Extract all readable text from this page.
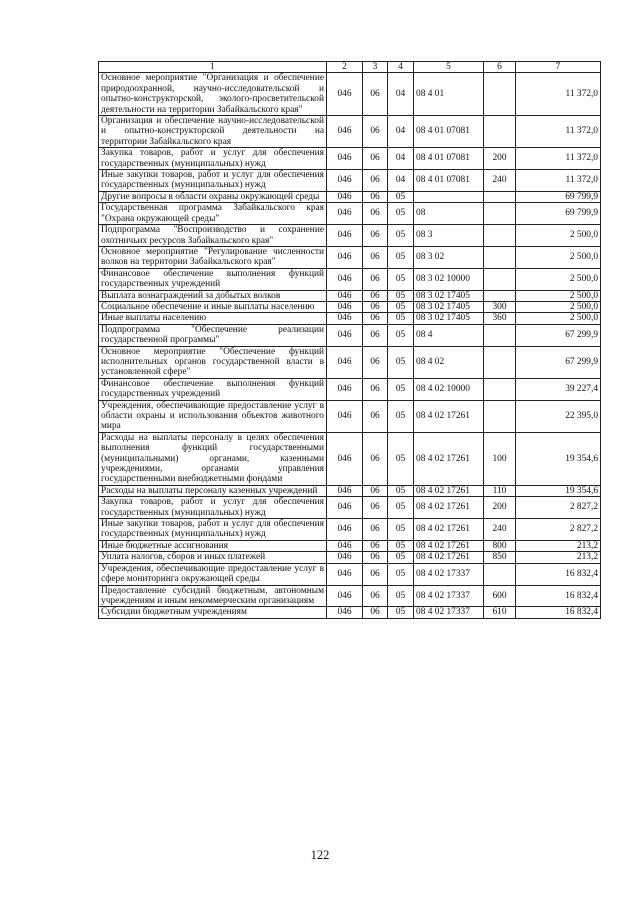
1	2	3	4	5	6	7
Основное мероприятие "Организация и обеспечение природоохранной, научно-исследовательской и опытно-конструкторской, эколого-просветительской деятельности на территории Забайкальского края"	046	06	04	08 4 01		11 372,0
Организация и обеспечение научно-исследовательской и опытно-конструкторской деятельности на территории Забайкальского края	046	06	04	08 4 01 07081		11 372,0
Закупка товаров, работ и услуг для обеспечения государственных (муниципальных) нужд	046	06	04	08 4 01 07081	200	11 372,0
Иные закупки товаров, работ и услуг для обеспечения государственных (муниципальных) нужд	046	06	04	08 4 01 07081	240	11 372,0
Другие вопросы в области охраны окружающей среды	046	06	05			69 799,9
Государственная программа Забайкальского края "Охрана окружающей среды"	046	06	05	08		69 799,9
Подпрограмма "Воспроизводство и сохранение охотничьих ресурсов Забайкальского края"	046	06	05	08 3		2 500,0
Основное мероприятие "Регулирование численности волков на территории Забайкальского края"	046	06	05	08 3 02		2 500,0
Финансовое обеспечение выполнения функций государственных учреждений	046	06	05	08 3 02 10000		2 500,0
Выплата вознаграждений за добытых волков	046	06	05	08 3 02 17405		2 500,0
Социальное обеспечение и иные выплаты населению	046	06	05	08 3 02 17405	300	2 500,0
Иные выплаты населению	046	06	05	08 3 02 17405	360	2 500,0
Подпрограмма "Обеспечение реализации государственной программы"	046	06	05	08 4		67 299,9
Основное мероприятие "Обеспечение функций исполнительных органов государственной власти в установленной сфере"	046	06	05	08 4 02		67 299,9
Финансовое обеспечение выполнения функций государственных учреждений	046	06	05	08 4 02 10000		39 227,4
Учреждения, обеспечивающие предоставление услуг в области охраны и использования объектов животного мира	046	06	05	08 4 02 17261		22 395,0
Расходы на выплаты персоналу в целях обеспечения выполнения функций государственными (муниципальными) органами, казенными учреждениями, органами управления государственными внебюджетными фондами	046	06	05	08 4 02 17261	100	19 354,6
Расходы на выплаты персоналу казенных учреждений	046	06	05	08 4 02 17261	110	19 354,6
Закупка товаров, работ и услуг для обеспечения государственных (муниципальных) нужд	046	06	05	08 4 02 17261	200	2 827,2
Иные закупки товаров, работ и услуг для обеспечения государственных (муниципальных) нужд	046	06	05	08 4 02 17261	240	2 827,2
Иные бюджетные ассигнования	046	06	05	08 4 02 17261	800	213,2
Уплата налогов, сборов и иных платежей	046	06	05	08 4 02 17261	850	213,2
Учреждения, обеспечивающие предоставление услуг в сфере мониторинга окружающей среды	046	06	05	08 4 02 17337		16 832,4
Предоставление субсидий бюджетным, автономным учреждениям и иным некоммерческим организациям	046	06	05	08 4 02 17337	600	16 832,4
Субсидии бюджетным учреждениям	046	06	05	08 4 02 17337	610	16 832,4
122
